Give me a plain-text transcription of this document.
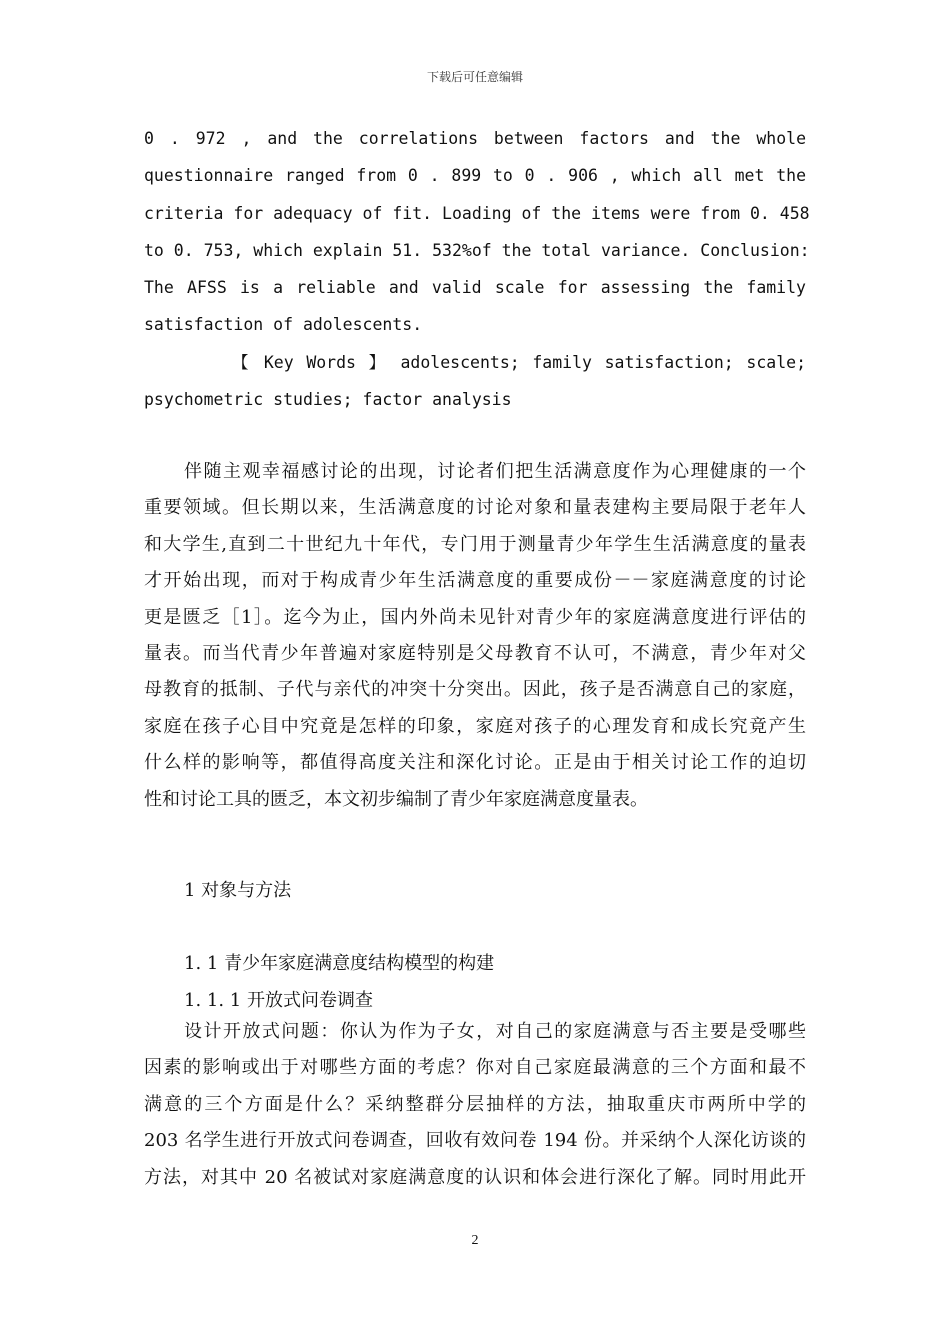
下载后可任意编辑
0 . 972 , and the correlations between factors and the whole
questionnaire ranged from 0 . 899 to 0 . 906 , which all met the
criteria for adequacy of fit. Loading of the items were from 0. 458
to 0. 753, which explain 51. 532%of the total variance. Conclusion:
The AFSS is a reliable and valid scale for assessing the family
satisfaction of adolescents.
【 Key Words 】 adolescents; family satisfaction; scale;
psychometric studies; factor analysis
伴随主观幸福感讨论的出现，讨论者们把生活满意度作为心理健康的一个
重要领域。但长期以来，生活满意度的讨论对象和量表建构主要局限于老年人
和大学生,直到二十世纪九十年代，专门用于测量青少年学生生活满意度的量表
才开始出现，而对于构成青少年生活满意度的重要成份－－家庭满意度的讨论
更是匮乏［1］。迄今为止，国内外尚未见针对青少年的家庭满意度进行评估的
量表。而当代青少年普遍对家庭特别是父母教育不认可，不满意，青少年对父
母教育的抵制、子代与亲代的冲突十分突出。因此，孩子是否满意自己的家庭，
家庭在孩子心目中究竟是怎样的印象，家庭对孩子的心理发育和成长究竟产生
什么样的影响等，都值得高度关注和深化讨论。正是由于相关讨论工作的迫切
性和讨论工具的匮乏，本文初步编制了青少年家庭满意度量表。
1 对象与方法
1. 1 青少年家庭满意度结构模型的构建
1. 1. 1 开放式问卷调查
设计开放式问题：你认为作为子女，对自己的家庭满意与否主要是受哪些
因素的影响或出于对哪些方面的考虑？你对自己家庭最满意的三个方面和最不
满意的三个方面是什么？采纳整群分层抽样的方法，抽取重庆市两所中学的
203 名学生进行开放式问卷调查，回收有效问卷 194 份。并采纳个人深化访谈的
方法，对其中 20 名被试对家庭满意度的认识和体会进行深化了解。同时用此开
2
